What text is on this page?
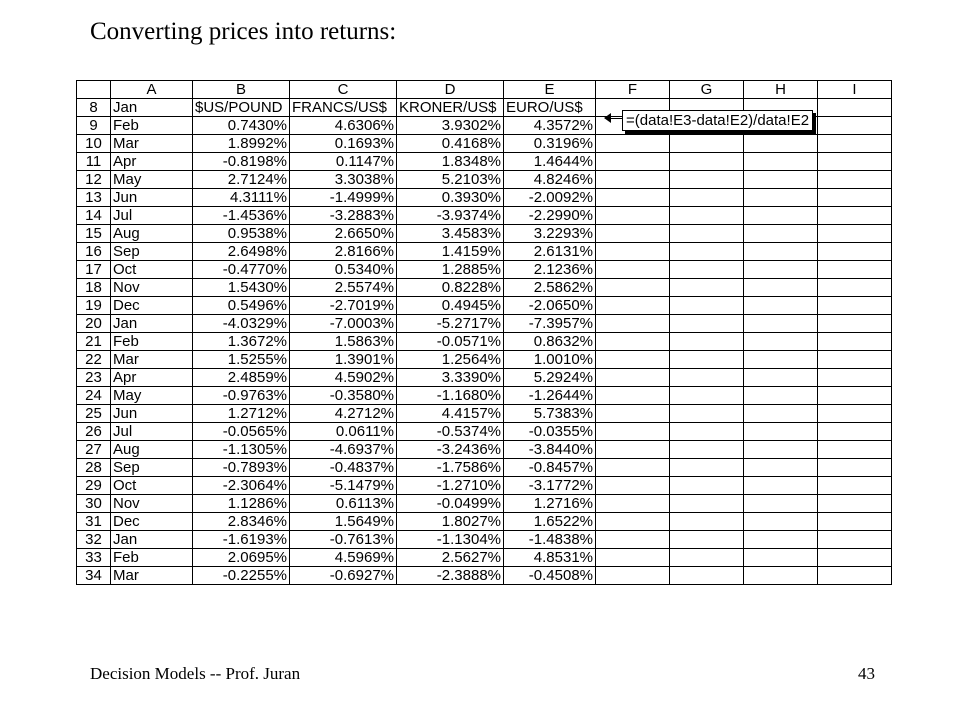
Converting prices into returns:
	A	B	C	D	E	F	G	H	I
8	Jan	$US/POUND	FRANCS/US$	KRONER/US$	EURO/US$				
9	Feb	0.7430%	4.6306%	3.9302%	4.3572%				
10	Mar	1.8992%	0.1693%	0.4168%	0.3196%				
11	Apr	-0.8198%	0.1147%	1.8348%	1.4644%				
12	May	2.7124%	3.3038%	5.2103%	4.8246%				
13	Jun	4.3111%	-1.4999%	0.3930%	-2.0092%				
14	Jul	-1.4536%	-3.2883%	-3.9374%	-2.2990%				
15	Aug	0.9538%	2.6650%	3.4583%	3.2293%				
16	Sep	2.6498%	2.8166%	1.4159%	2.6131%				
17	Oct	-0.4770%	0.5340%	1.2885%	2.1236%				
18	Nov	1.5430%	2.5574%	0.8228%	2.5862%				
19	Dec	0.5496%	-2.7019%	0.4945%	-2.0650%				
20	Jan	-4.0329%	-7.0003%	-5.2717%	-7.3957%				
21	Feb	1.3672%	1.5863%	-0.0571%	0.8632%				
22	Mar	1.5255%	1.3901%	1.2564%	1.0010%				
23	Apr	2.4859%	4.5902%	3.3390%	5.2924%				
24	May	-0.9763%	-0.3580%	-1.1680%	-1.2644%				
25	Jun	1.2712%	4.2712%	4.4157%	5.7383%				
26	Jul	-0.0565%	0.0611%	-0.5374%	-0.0355%				
27	Aug	-1.1305%	-4.6937%	-3.2436%	-3.8440%				
28	Sep	-0.7893%	-0.4837%	-1.7586%	-0.8457%				
29	Oct	-2.3064%	-5.1479%	-1.2710%	-3.1772%				
30	Nov	1.1286%	0.6113%	-0.0499%	1.2716%				
31	Dec	2.8346%	1.5649%	1.8027%	1.6522%				
32	Jan	-1.6193%	-0.7613%	-1.1304%	-1.4838%				
33	Feb	2.0695%	4.5969%	2.5627%	4.8531%				
34	Mar	-0.2255%	-0.6927%	-2.3888%	-0.4508%				
=(data!E3-data!E2)/data!E2
Decision Models -- Prof. Juran	43
